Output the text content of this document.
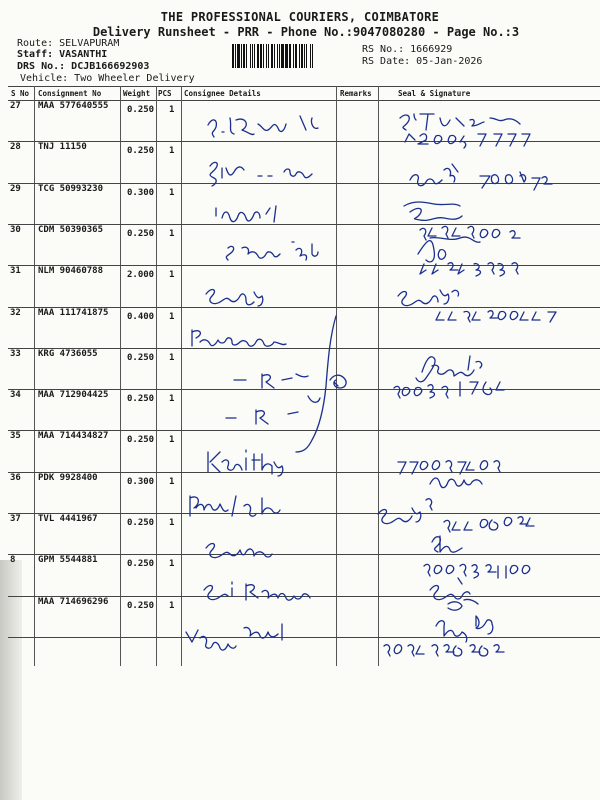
THE PROFESSIONAL COURIERS, COIMBATORE
Delivery Runsheet - PRR - Phone No.:9047080280 - Page No.:3
Route: SELVAPURAM
Staff: VASANTHI
DRS No.: DCJB166692903
Vehicle: Two Wheeler Delivery
RS No.: 1666929
RS Date: 05-Jan-2026
S No Consignment No	Weight PCS Consignee Details	Remarks	Seal & Signature
27 MAA 577640555 0.250 1
28 TNJ 11150	0.250 1
29 TCG 50993230	0.300 1
30 CDM 50390365	0.250 1
31 NLM 90460788	2.000 1
32 MAA 111741875 0.400 1
33 KRG 4736055	0.250 1
34 MAA 712904425 0.250 1
35 MAA 714434827 0.250 1
36 PDK 9928400	0.300 1
37 TVL 4441967	0.250 1
8	GPM 5544881	0.250 1
MAA 714696296 0.250 1
